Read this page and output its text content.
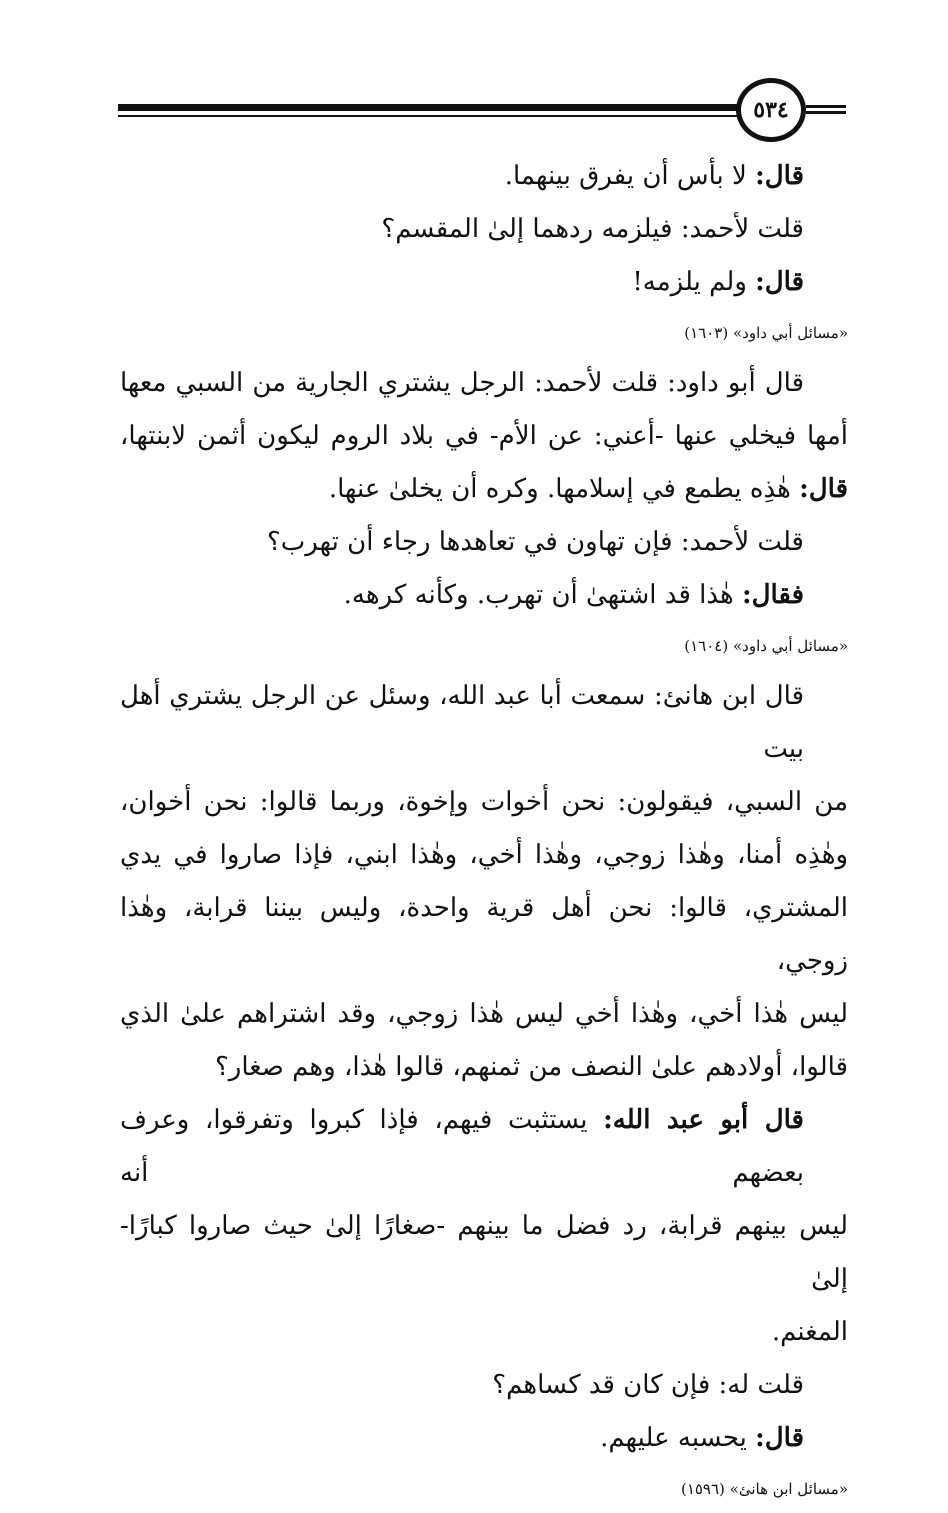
٥٣٤
قال: لا بأس أن يفرق بينهما.
قلت لأحمد: فيلزمه ردهما إلىٰ المقسم؟
قال: ولم يلزمه!
«مسائل أبي داود» (١٦٠٣)
قال أبو داود: قلت لأحمد: الرجل يشتري الجارية من السبي معها
أمها فيخلي عنها -أعني: عن الأم- في بلاد الروم ليكون أثمن لابنتها،
قال: هٰذِه يطمع في إسلامها. وكره أن يخلىٰ عنها.
قلت لأحمد: فإن تهاون في تعاهدها رجاء أن تهرب؟
فقال: هٰذا قد اشتهىٰ أن تهرب. وكأنه كرهه.
«مسائل أبي داود» (١٦٠٤)
قال ابن هانئ: سمعت أبا عبد الله، وسئل عن الرجل يشتري أهل بيت
من السبي، فيقولون: نحن أخوات وإخوة، وربما قالوا: نحن أخوان،
وهٰذِه أمنا، وهٰذا زوجي، وهٰذا أخي، وهٰذا ابني، فإذا صاروا في يدي
المشتري، قالوا: نحن أهل قرية واحدة، وليس بيننا قرابة، وهٰذا زوجي،
ليس هٰذا أخي، وهٰذا أخي ليس هٰذا زوجي، وقد اشتراهم علىٰ الذي
قالوا، أولادهم علىٰ النصف من ثمنهم، قالوا هٰذا، وهم صغار؟
قال أبو عبد الله: يستثبت فيهم، فإذا كبروا وتفرقوا، وعرف بعضهم أنه
ليس بينهم قرابة، رد فضل ما بينهم -صغارًا إلىٰ حيث صاروا كبارًا- إلىٰ
المغنم.
قلت له: فإن كان قد كساهم؟
قال: يحسبه عليهم.
«مسائل ابن هانئ» (١٥٩٦)
